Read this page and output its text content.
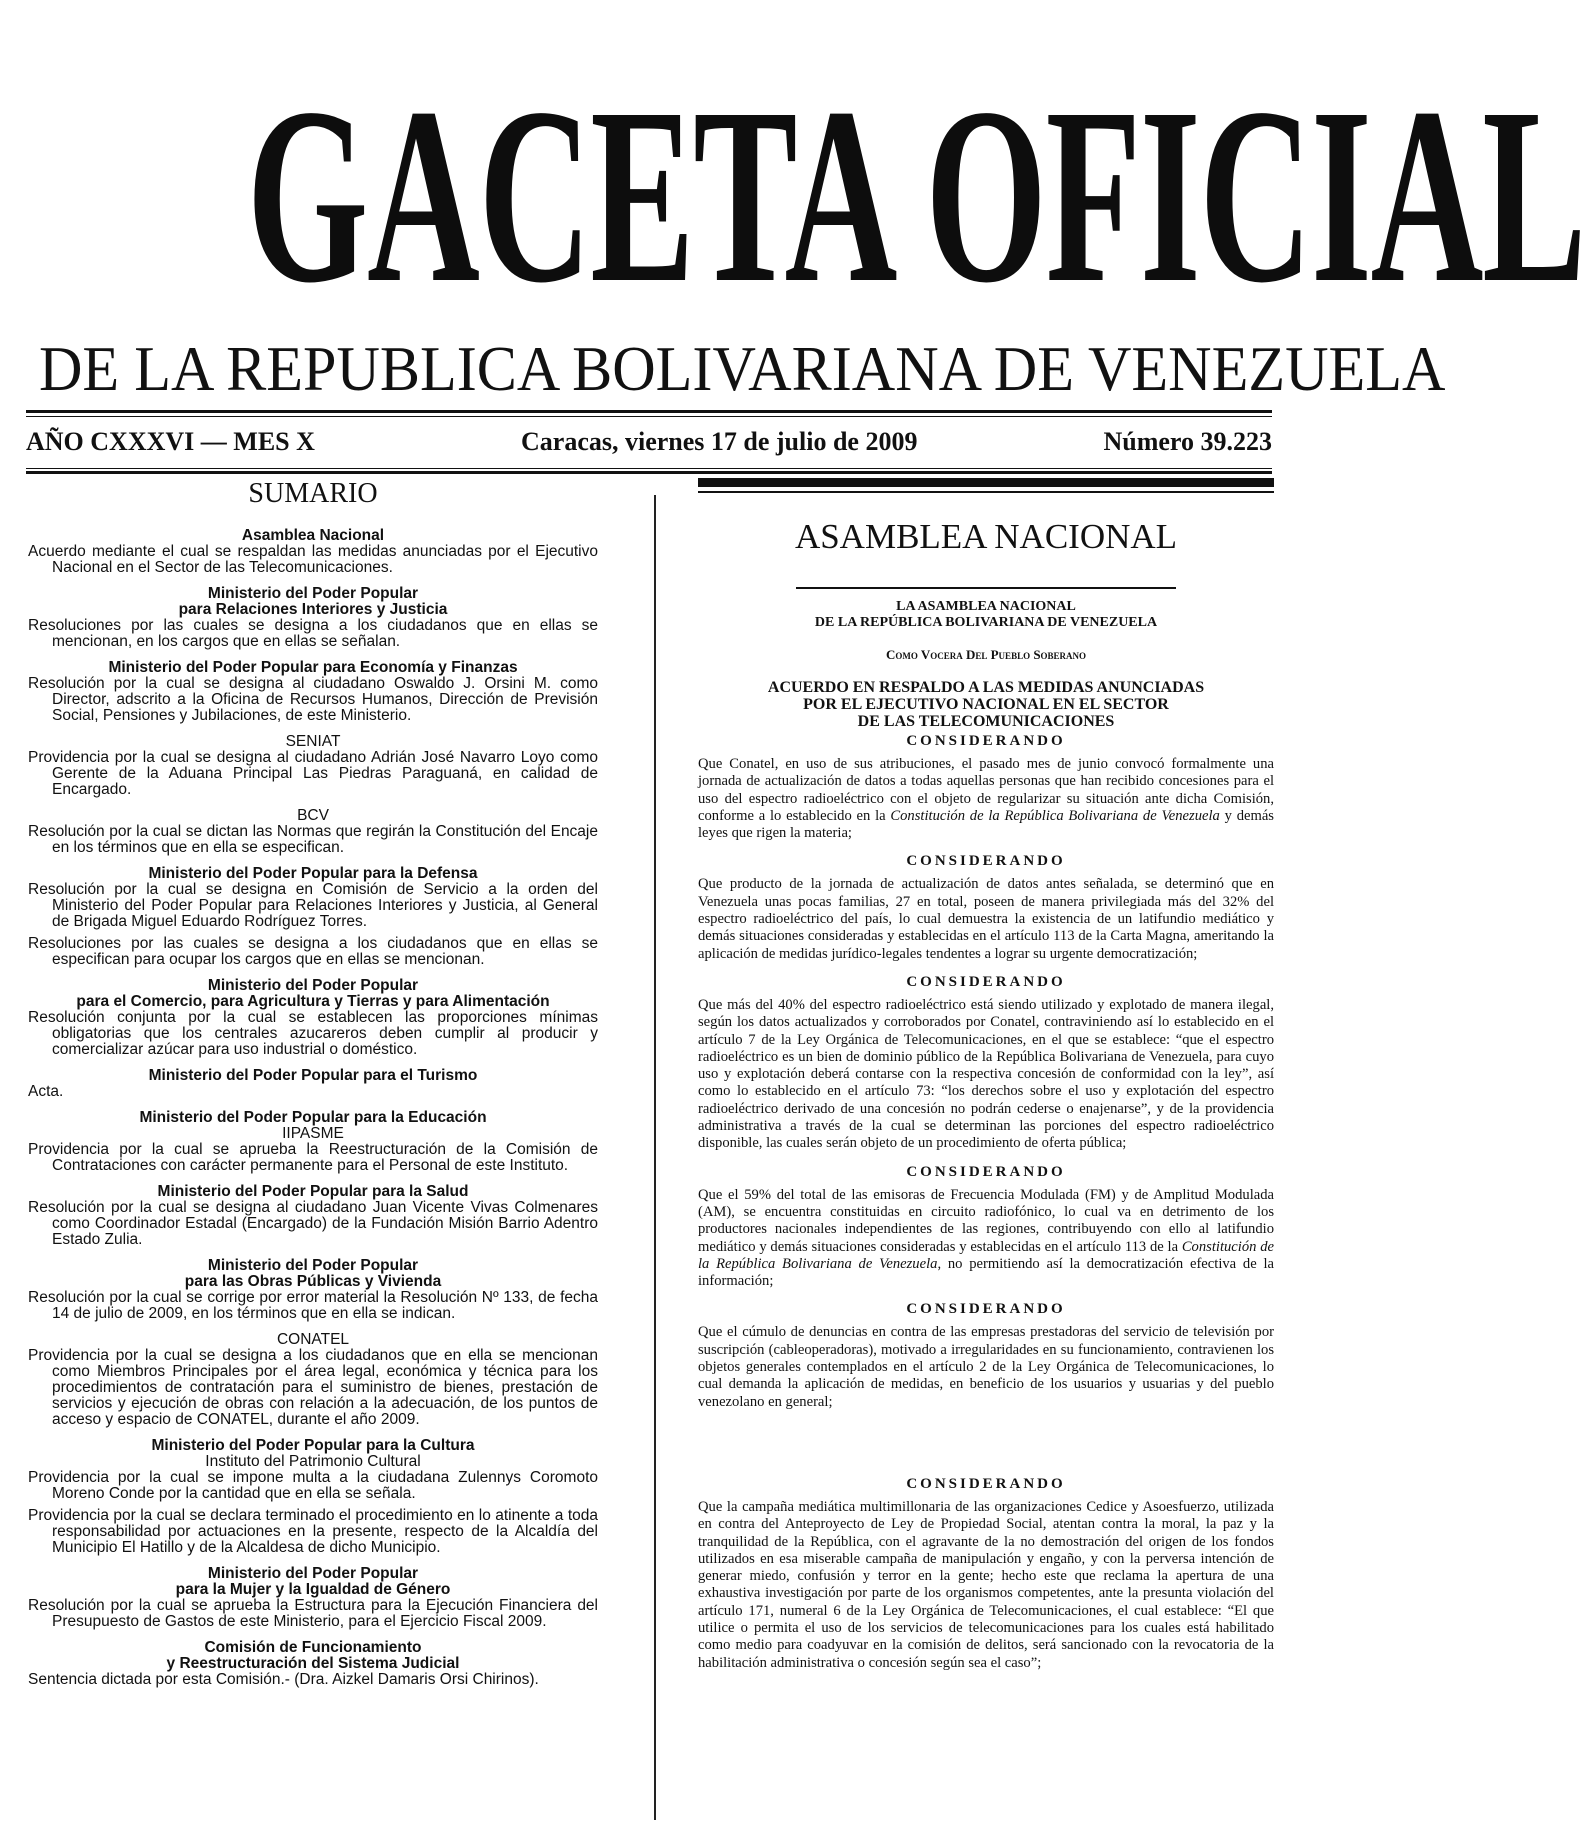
GACETA OFICIAL
DE LA REPUBLICA BOLIVARIANA DE VENEZUELA
AÑO CXXXVI — MES X	Caracas, viernes 17 de julio de 2009	Número 39.223
SUMARIO
Asamblea Nacional
Acuerdo mediante el cual se respaldan las medidas anunciadas por el Ejecutivo Nacional en el Sector de las Telecomunicaciones.
Ministerio del Poder Popular
para Relaciones Interiores y Justicia
Resoluciones por las cuales se designa a los ciudadanos que en ellas se mencionan, en los cargos que en ellas se señalan.
Ministerio del Poder Popular para Economía y Finanzas
Resolución por la cual se designa al ciudadano Oswaldo J. Orsini M. como Director, adscrito a la Oficina de Recursos Humanos, Dirección de Previsión Social, Pensiones y Jubilaciones, de este Ministerio.
SENIAT
Providencia por la cual se designa al ciudadano Adrián José Navarro Loyo como Gerente de la Aduana Principal Las Piedras Paraguaná, en calidad de Encargado.
BCV
Resolución por la cual se dictan las Normas que regirán la Constitución del Encaje en los términos que en ella se especifican.
Ministerio del Poder Popular para la Defensa
Resolución por la cual se designa en Comisión de Servicio a la orden del Ministerio del Poder Popular para Relaciones Interiores y Justicia, al General de Brigada Miguel Eduardo Rodríguez Torres.
Resoluciones por las cuales se designa a los ciudadanos que en ellas se especifican para ocupar los cargos que en ellas se mencionan.
Ministerio del Poder Popular
para el Comercio, para Agricultura y Tierras y para Alimentación
Resolución conjunta por la cual se establecen las proporciones mínimas obligatorias que los centrales azucareros deben cumplir al producir y comercializar azúcar para uso industrial o doméstico.
Ministerio del Poder Popular para el Turismo
Acta.
Ministerio del Poder Popular para la Educación
IIPASME
Providencia por la cual se aprueba la Reestructuración de la Comisión de Contrataciones con carácter permanente para el Personal de este Instituto.
Ministerio del Poder Popular para la Salud
Resolución por la cual se designa al ciudadano Juan Vicente Vivas Colmenares como Coordinador Estadal (Encargado) de la Fundación Misión Barrio Adentro Estado Zulia.
Ministerio del Poder Popular
para las Obras Públicas y Vivienda
Resolución por la cual se corrige por error material la Resolución Nº 133, de fecha 14 de julio de 2009, en los términos que en ella se indican.
CONATEL
Providencia por la cual se designa a los ciudadanos que en ella se mencionan como Miembros Principales por el área legal, económica y técnica para los procedimientos de contratación para el suministro de bienes, prestación de servicios y ejecución de obras con relación a la adecuación, de los puntos de acceso y espacio de CONATEL, durante el año 2009.
Ministerio del Poder Popular para la Cultura
Instituto del Patrimonio Cultural
Providencia por la cual se impone multa a la ciudadana Zulennys Coromoto Moreno Conde por la cantidad que en ella se señala.
Providencia por la cual se declara terminado el procedimiento en lo atinente a toda responsabilidad por actuaciones en la presente, respecto de la Alcaldía del Municipio El Hatillo y de la Alcaldesa de dicho Municipio.
Ministerio del Poder Popular
para la Mujer y la Igualdad de Género
Resolución por la cual se aprueba la Estructura para la Ejecución Financiera del Presupuesto de Gastos de este Ministerio, para el Ejercicio Fiscal 2009.
Comisión de Funcionamiento
y Reestructuración del Sistema Judicial
Sentencia dictada por esta Comisión.- (Dra. Aizkel Damaris Orsi Chirinos).
ASAMBLEA NACIONAL
LA ASAMBLEA NACIONAL
DE LA REPÚBLICA BOLIVARIANA DE VENEZUELA
Como Vocera Del Pueblo Soberano
ACUERDO EN RESPALDO A LAS MEDIDAS ANUNCIADAS
POR EL EJECUTIVO NACIONAL EN EL SECTOR
DE LAS TELECOMUNICACIONES
CONSIDERANDO

Que Conatel, en uso de sus atribuciones, el pasado mes de junio convocó formalmente una jornada de actualización de datos a todas aquellas personas que han recibido concesiones para el uso del espectro radioeléctrico con el objeto de regularizar su situación ante dicha Comisión, conforme a lo establecido en la Constitución de la República Bolivariana de Venezuela y demás leyes que rigen la materia;

CONSIDERANDO

Que producto de la jornada de actualización de datos antes señalada, se determinó que en Venezuela unas pocas familias, 27 en total, poseen de manera privilegiada más del 32% del espectro radioeléctrico del país, lo cual demuestra la existencia de un latifundio mediático y demás situaciones consideradas y establecidas en el artículo 113 de la Carta Magna, ameritando la aplicación de medidas jurídico-legales tendentes a lograr su urgente democratización;

CONSIDERANDO

Que más del 40% del espectro radioeléctrico está siendo utilizado y explotado de manera ilegal, según los datos actualizados y corroborados por Conatel, contraviniendo así lo establecido en el artículo 7 de la Ley Orgánica de Telecomunicaciones, en el que se establece: “que el espectro radioeléctrico es un bien de dominio público de la República Bolivariana de Venezuela, para cuyo uso y explotación deberá contarse con la respectiva concesión de conformidad con la ley”, así como lo establecido en el artículo 73: “los derechos sobre el uso y explotación del espectro radioeléctrico derivado de una concesión no podrán cederse o enajenarse”, y de la providencia administrativa a través de la cual se determinan las porciones del espectro radioeléctrico disponible, las cuales serán objeto de un procedimiento de oferta pública;

CONSIDERANDO

Que el 59% del total de las emisoras de Frecuencia Modulada (FM) y de Amplitud Modulada (AM), se encuentra constituidas en circuito radiofónico, lo cual va en detrimento de los productores nacionales independientes de las regiones, contribuyendo con ello al latifundio mediático y demás situaciones consideradas y establecidas en el artículo 113 de la Constitución de la República Bolivariana de Venezuela, no permitiendo así la democratización efectiva de la información;

CONSIDERANDO

Que el cúmulo de denuncias en contra de las empresas prestadoras del servicio de televisión por suscripción (cableoperadoras), motivado a irregularidades en su funcionamiento, contravienen los objetos generales contemplados en el artículo 2 de la Ley Orgánica de Telecomunicaciones, lo cual demanda la aplicación de medidas, en beneficio de los usuarios y usuarias y del pueblo venezolano en general;

CONSIDERANDO

Que la campaña mediática multimillonaria de las organizaciones Cedice y Asoesfuerzo, utilizada en contra del Anteproyecto de Ley de Propiedad Social, atentan contra la moral, la paz y la tranquilidad de la República, con el agravante de la no demostración del origen de los fondos utilizados en esa miserable campaña de manipulación y engaño, y con la perversa intención de generar miedo, confusión y terror en la gente; hecho este que reclama la apertura de una exhaustiva investigación por parte de los organismos competentes, ante la presunta violación del artículo 171, numeral 6 de la Ley Orgánica de Telecomunicaciones, el cual establece: “El que utilice o permita el uso de los servicios de telecomunicaciones para los cuales está habilitado como medio para coadyuvar en la comisión de delitos, será sancionado con la revocatoria de la habilitación administrativa o concesión según sea el caso”;
